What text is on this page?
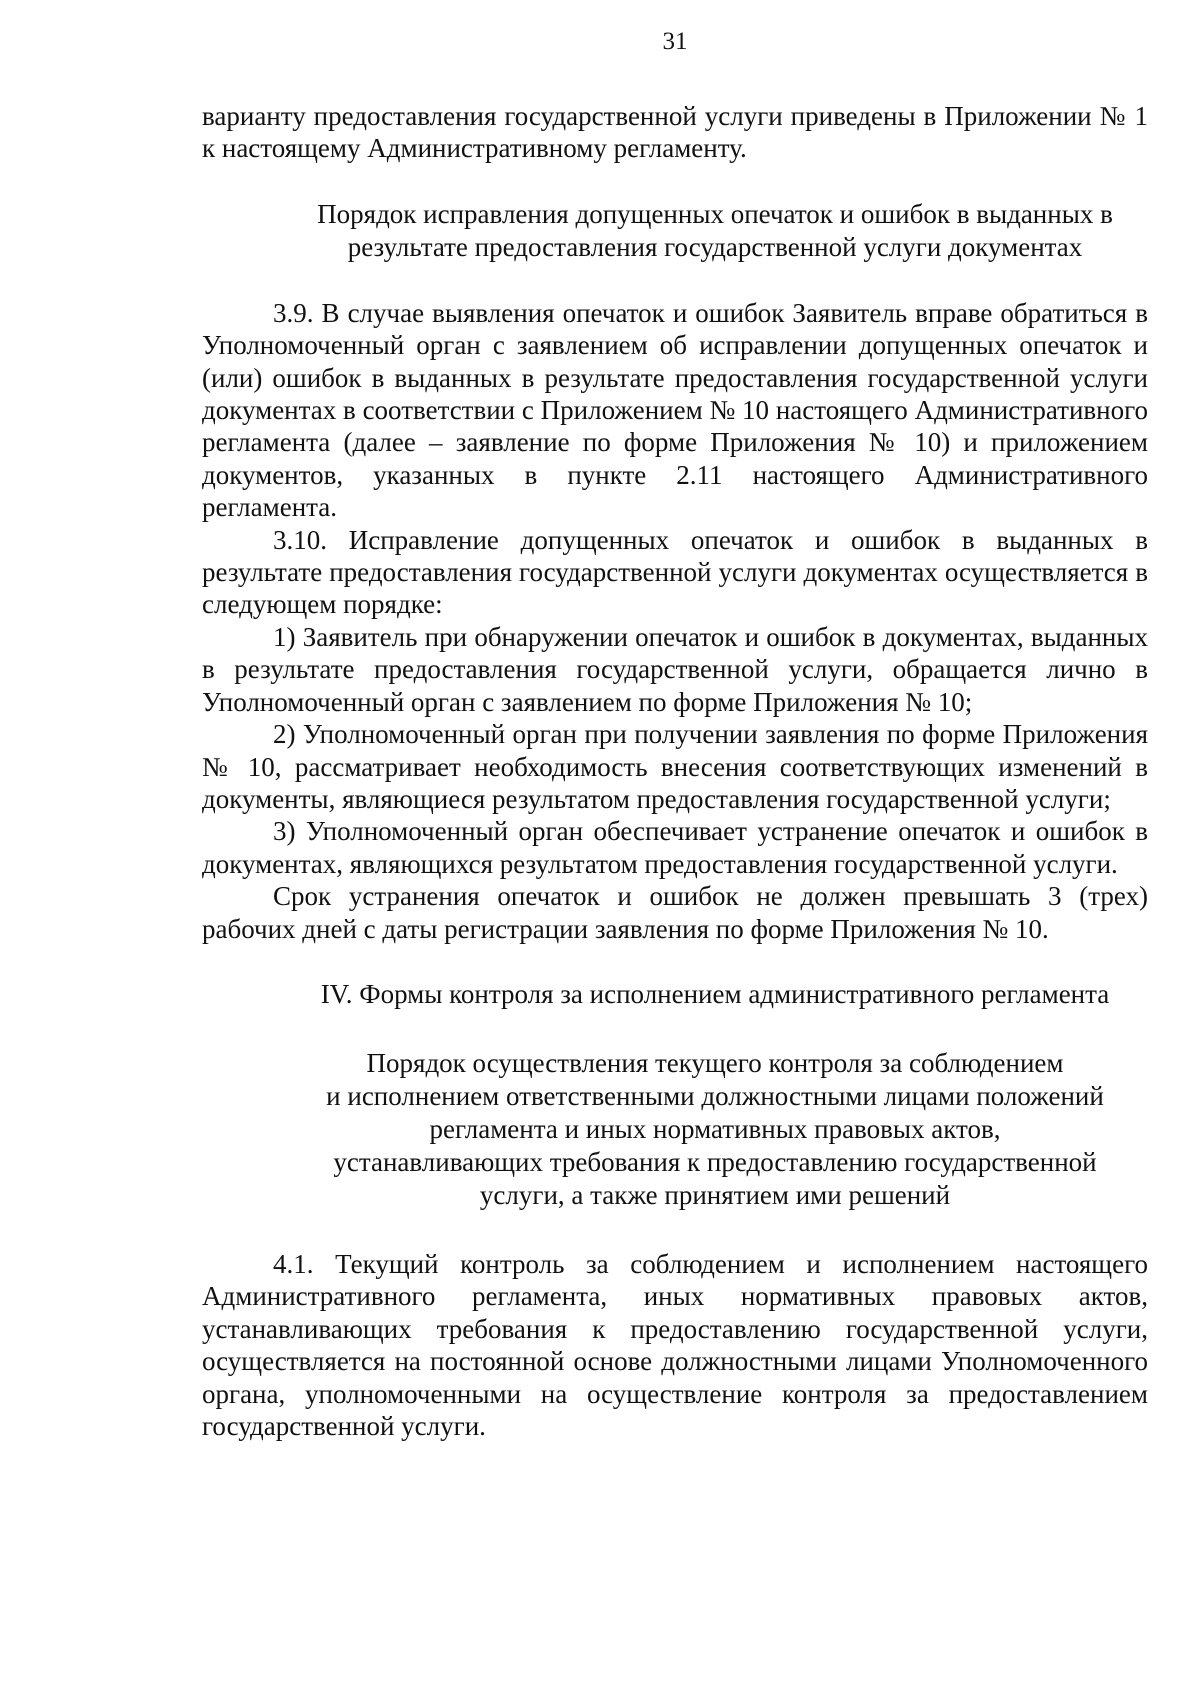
31

варианту предоставления государственной услуги приведены в Приложении № 1 к настоящему Административному регламенту.

Порядок исправления допущенных опечаток и ошибок в выданных в результате предоставления государственной услуги документах

3.9. В случае выявления опечаток и ошибок Заявитель вправе обратиться в Уполномоченный орган с заявлением об исправлении допущенных опечаток и (или) ошибок в выданных в результате предоставления государственной услуги документах в соответствии с Приложением № 10 настоящего Административного регламента (далее – заявление по форме Приложения № 10) и приложением документов, указанных в пункте 2.11 настоящего Административного регламента.

3.10. Исправление допущенных опечаток и ошибок в выданных в результате предоставления государственной услуги документах осуществляется в следующем порядке:

1) Заявитель при обнаружении опечаток и ошибок в документах, выданных в результате предоставления государственной услуги, обращается лично в Уполномоченный орган с заявлением по форме Приложения № 10;

2) Уполномоченный орган при получении заявления по форме Приложения № 10, рассматривает необходимость внесения соответствующих изменений в документы, являющиеся результатом предоставления государственной услуги;

3) Уполномоченный орган обеспечивает устранение опечаток и ошибок в документах, являющихся результатом предоставления государственной услуги.

Срок устранения опечаток и ошибок не должен превышать 3 (трех) рабочих дней с даты регистрации заявления по форме Приложения № 10.

IV. Формы контроля за исполнением административного регламента

Порядок осуществления текущего контроля за соблюдением
и исполнением ответственными должностными лицами положений
регламента и иных нормативных правовых актов,
устанавливающих требования к предоставлению государственной
услуги, а также принятием ими решений

4.1. Текущий контроль за соблюдением и исполнением настоящего Административного регламента, иных нормативных правовых актов, устанавливающих требования к предоставлению государственной услуги, осуществляется на постоянной основе должностными лицами Уполномоченного органа, уполномоченными на осуществление контроля за предоставлением государственной услуги.
